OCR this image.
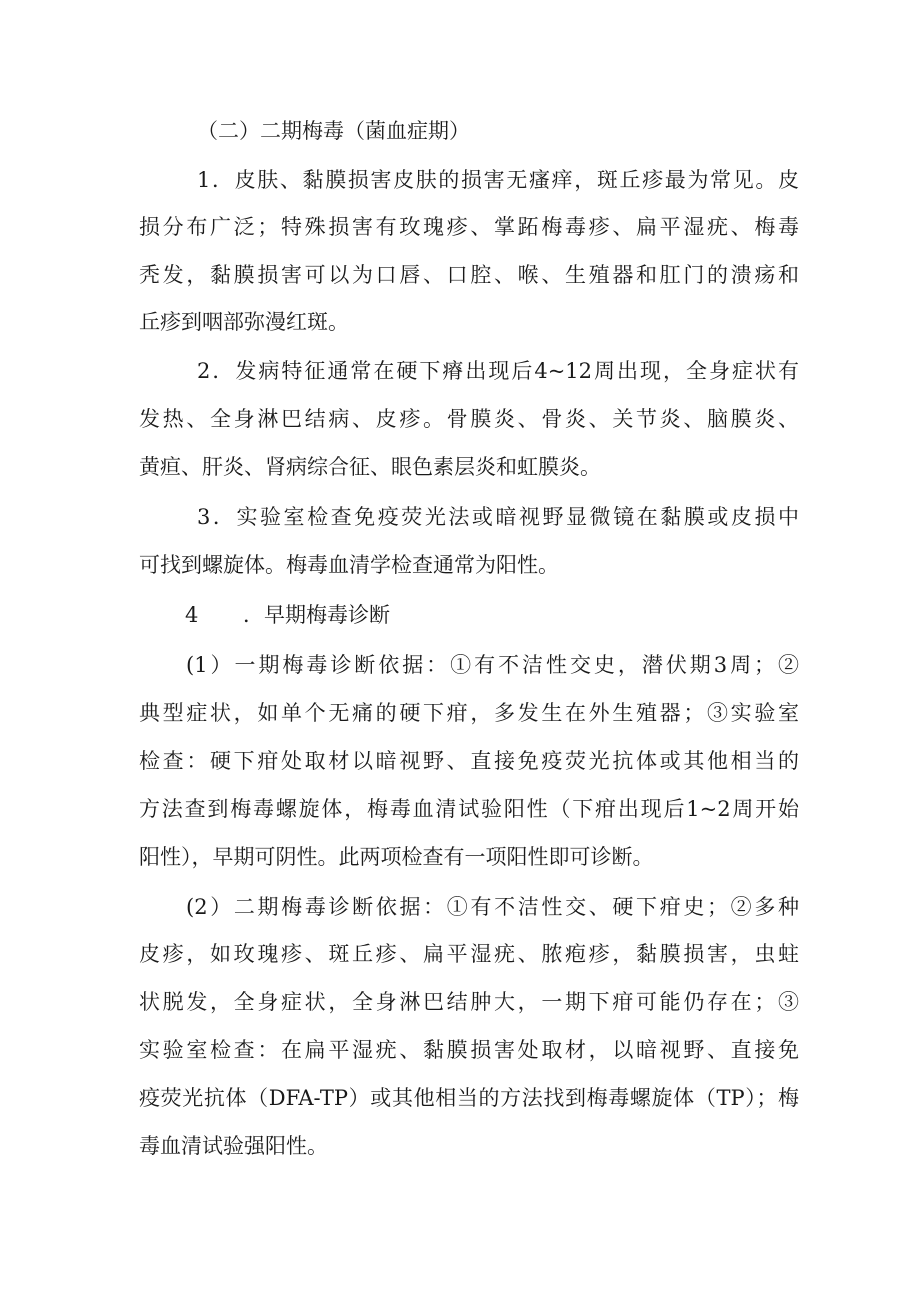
（二）二期梅毒（菌血症期）
1．皮肤、黏膜损害皮肤的损害无瘙痒，斑丘疹最为常见。皮
损分布广泛；特殊损害有玫瑰疹、掌跖梅毒疹、扁平湿疣、梅毒
秃发，黏膜损害可以为口唇、口腔、喉、生殖器和肛门的溃疡和
丘疹到咽部弥漫红斑。
2．发病特征通常在硬下瘠出现后4~12周出现，全身症状有
发热、全身淋巴结病、皮疹。骨膜炎、骨炎、关节炎、脑膜炎、
黄疸、肝炎、肾病综合征、眼色素层炎和虹膜炎。
3．实验室检查免疫荧光法或暗视野显微镜在黏膜或皮损中
可找到螺旋体。梅毒血清学检查通常为阳性。
4 ．早期梅毒诊断
(1）一期梅毒诊断依据：①有不洁性交史，潜伏期3周；②
典型症状，如单个无痛的硬下疳，多发生在外生殖器；③实验室
检查：硬下疳处取材以暗视野、直接免疫荧光抗体或其他相当的
方法查到梅毒螺旋体，梅毒血清试验阳性（下疳出现后1~2周开始
阳性），早期可阴性。此两项检查有一项阳性即可诊断。
(2）二期梅毒诊断依据：①有不洁性交、硬下疳史；②多种
皮疹，如玫瑰疹、斑丘疹、扁平湿疣、脓疱疹，黏膜损害，虫蛀
状脱发，全身症状，全身淋巴结肿大，一期下疳可能仍存在；③
实验室检查：在扁平湿疣、黏膜损害处取材，以暗视野、直接免
疫荧光抗体（DFA-TP）或其他相当的方法找到梅毒螺旋体（TP）；梅
毒血清试验强阳性。
